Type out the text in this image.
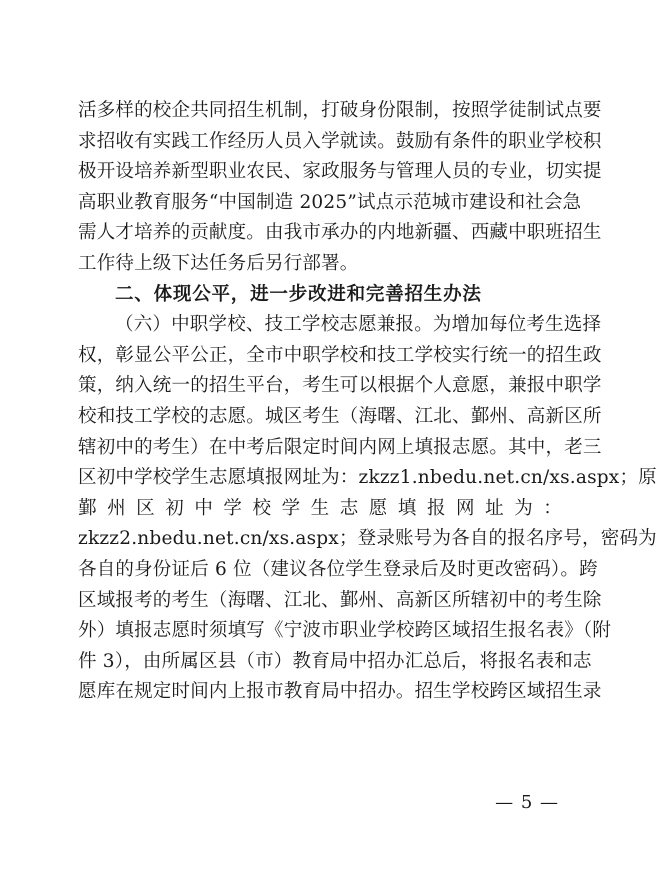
活多样的校企共同招生机制，打破身份限制，按照学徒制试点要
求招收有实践工作经历人员入学就读。鼓励有条件的职业学校积
极开设培养新型职业农民、家政服务与管理人员的专业，切实提
高职业教育服务“中国制造 2025”试点示范城市建设和社会急
需人才培养的贡献度。由我市承办的内地新疆、西藏中职班招生
工作待上级下达任务后另行部署。
二、体现公平，进一步改进和完善招生办法
（六）中职学校、技工学校志愿兼报。为增加每位考生选择
权，彰显公平公正，全市中职学校和技工学校实行统一的招生政
策，纳入统一的招生平台，考生可以根据个人意愿，兼报中职学
校和技工学校的志愿。城区考生（海曙、江北、鄞州、高新区所
辖初中的考生）在中考后限定时间内网上填报志愿。其中，老三
区初中学校学生志愿填报网址为：zkzz1.nbedu.net.cn/xs.aspx；原
鄞州区初中学校学生志愿填报网址为：
zkzz2.nbedu.net.cn/xs.aspx；登录账号为各自的报名序号，密码为
各自的身份证后 6 位（建议各位学生登录后及时更改密码）。跨
区域报考的考生（海曙、江北、鄞州、高新区所辖初中的考生除
外）填报志愿时须填写《宁波市职业学校跨区域招生报名表》（附
件 3），由所属区县（市）教育局中招办汇总后，将报名表和志
愿库在规定时间内上报市教育局中招办。招生学校跨区域招生录
— 5 —
